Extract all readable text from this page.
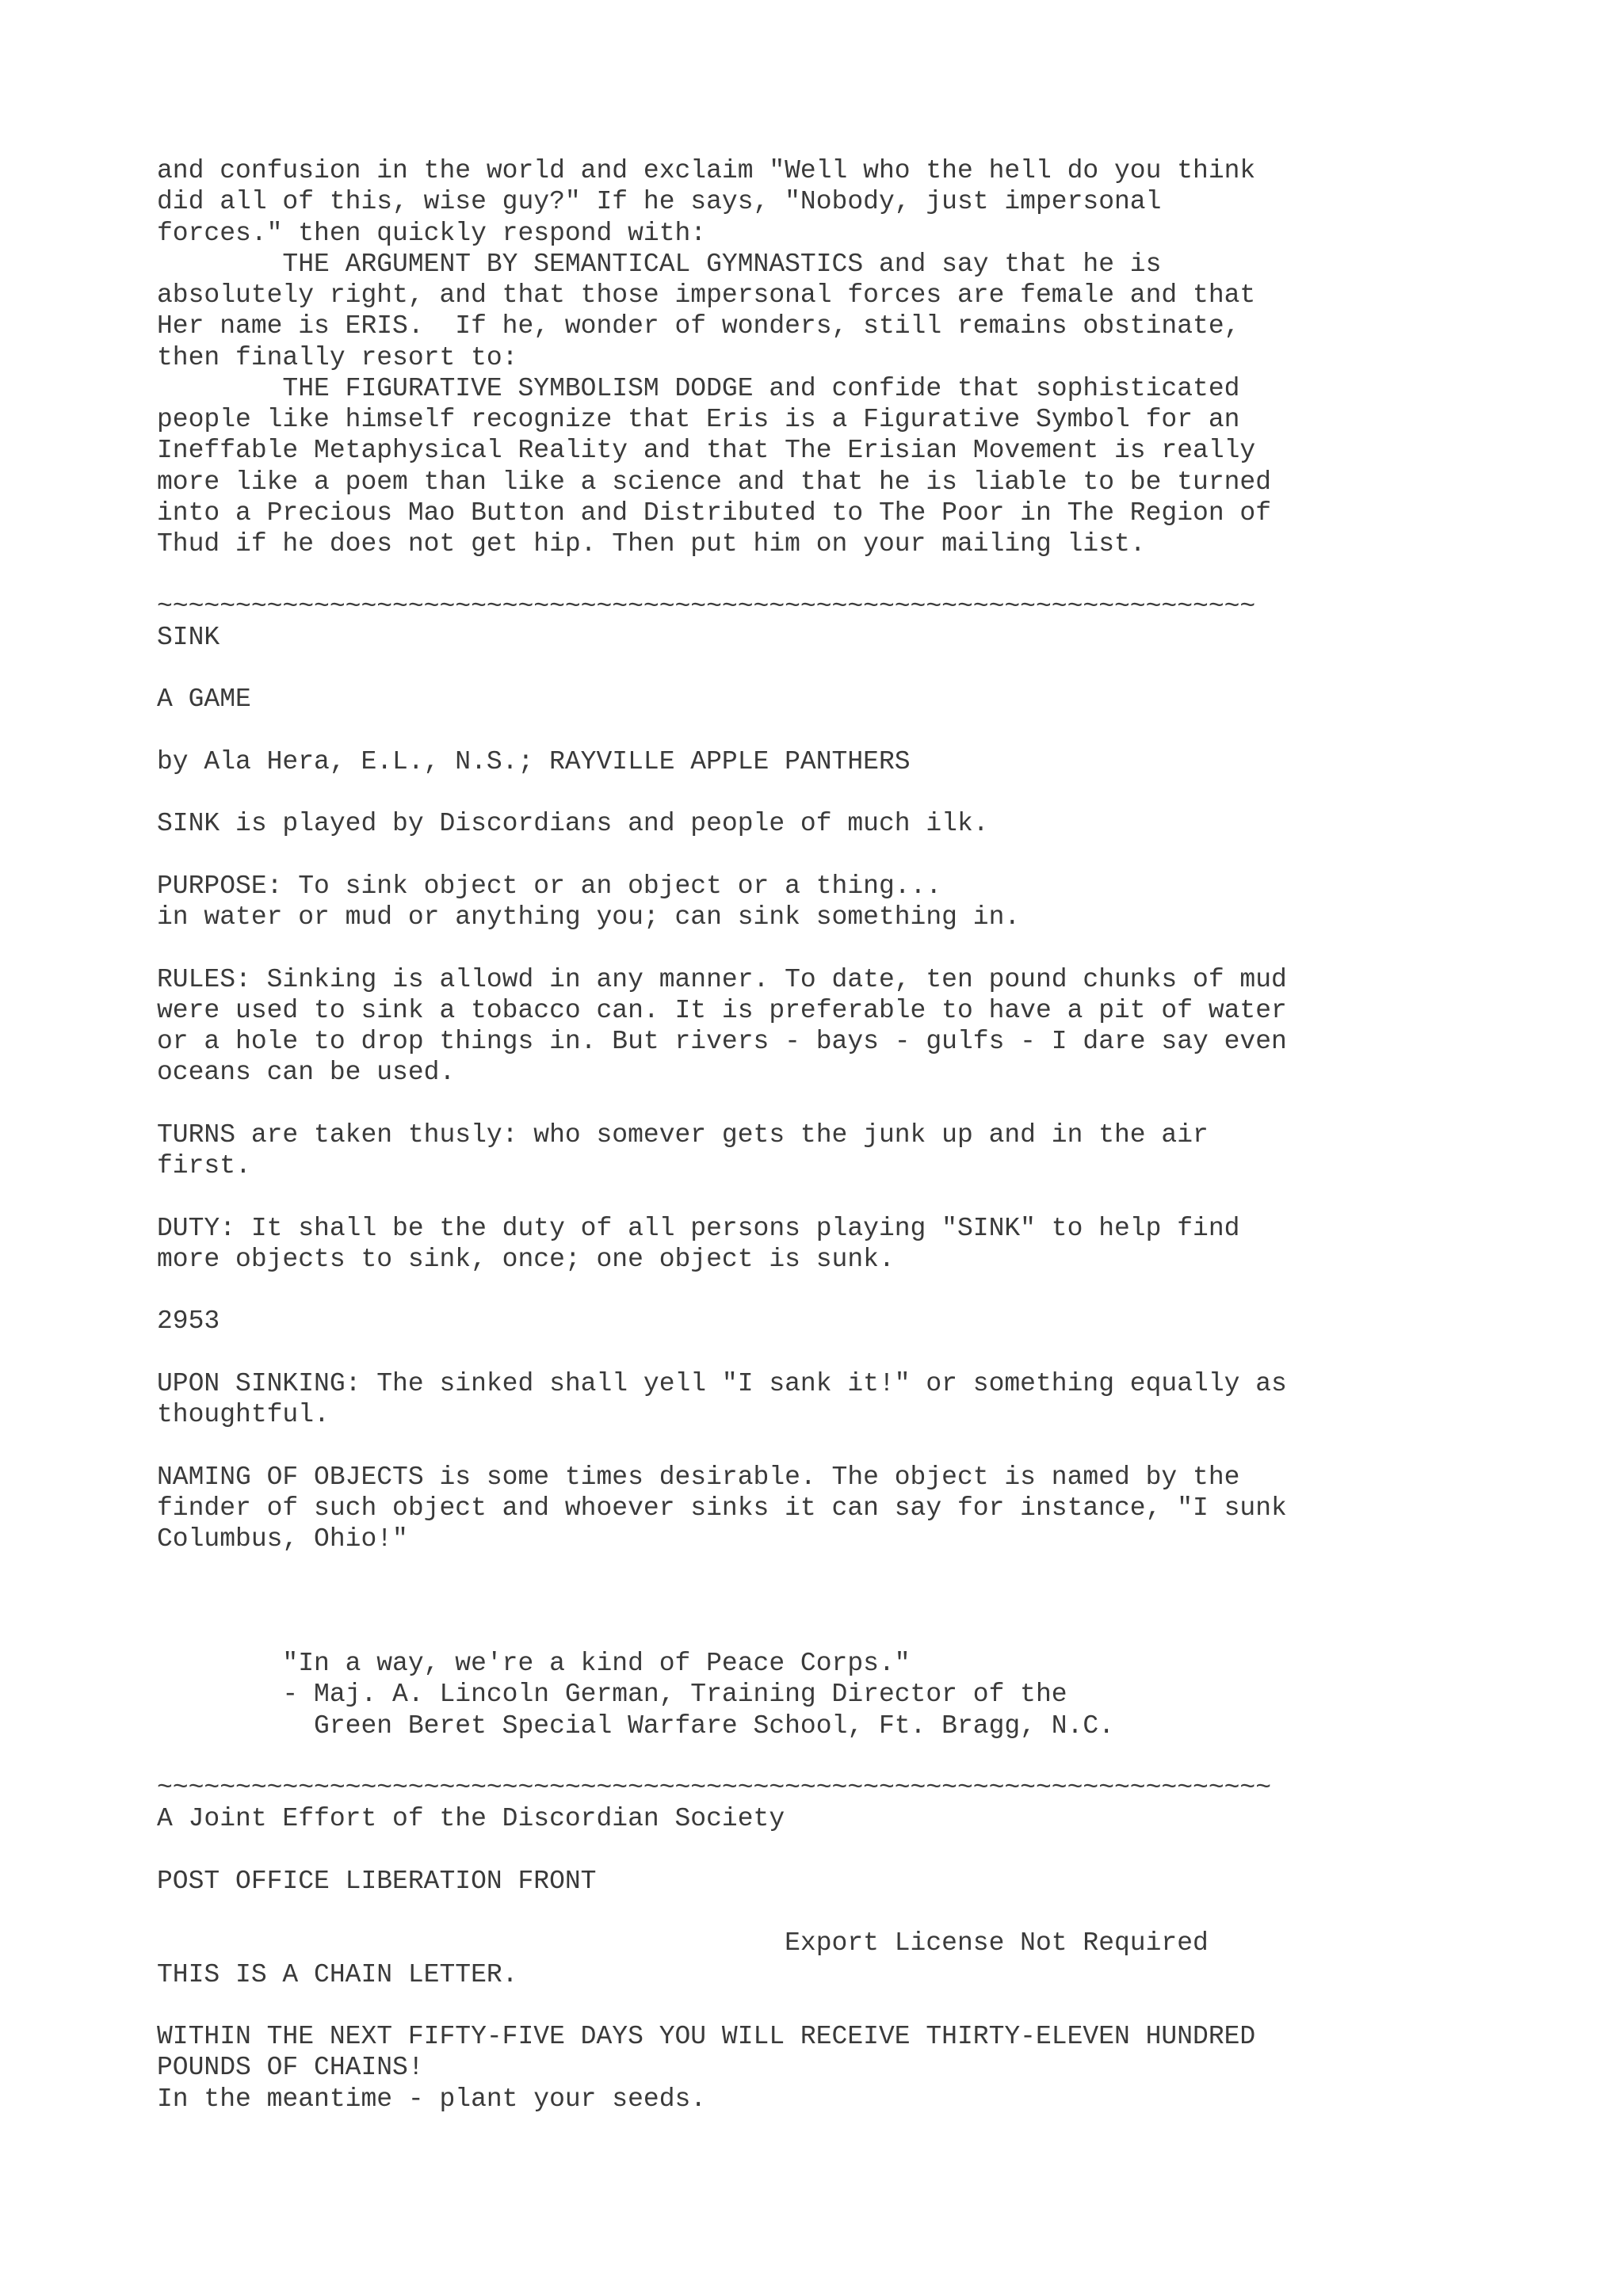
and confusion in the world and exclaim "Well who the hell do you think
did all of this, wise guy?" If he says, "Nobody, just impersonal
forces." then quickly respond with:
THE ARGUMENT BY SEMANTICAL GYMNASTICS and say that he is
absolutely right, and that those impersonal forces are female and that
Her name is ERIS.  If he, wonder of wonders, still remains obstinate,
then finally resort to:
THE FIGURATIVE SYMBOLISM DODGE and confide that sophisticated
people like himself recognize that Eris is a Figurative Symbol for an
Ineffable Metaphysical Reality and that The Erisian Movement is really
more like a poem than like a science and that he is liable to be turned
into a Precious Mao Button and Distributed to The Poor in The Region of
Thud if he does not get hip. Then put him on your mailing list.
~~~~~~~~~~~~~~~~~~~~~~~~~~~~~~~~~~~~~~~~~~~~~~~~~~~~~~~~~~~~~~~~~~~~~~
SINK
A GAME
by Ala Hera, E.L., N.S.; RAYVILLE APPLE PANTHERS
SINK is played by Discordians and people of much ilk.
PURPOSE: To sink object or an object or a thing...
in water or mud or anything you; can sink something in.
RULES: Sinking is allowd in any manner. To date, ten pound chunks of mud
were used to sink a tobacco can. It is preferable to have a pit of water
or a hole to drop things in. But rivers - bays - gulfs - I dare say even
oceans can be used.
TURNS are taken thusly: who somever gets the junk up and in the air
first.
DUTY: It shall be the duty of all persons playing "SINK" to help find
more objects to sink, once; one object is sunk.
2953
UPON SINKING: The sinked shall yell "I sank it!" or something equally as
thoughtful.
NAMING OF OBJECTS is some times desirable. The object is named by the
finder of such object and whoever sinks it can say for instance, "I sunk
Columbus, Ohio!"
"In a way, we're a kind of Peace Corps."
- Maj. A. Lincoln German, Training Director of the
Green Beret Special Warfare School, Ft. Bragg, N.C.
~~~~~~~~~~~~~~~~~~~~~~~~~~~~~~~~~~~~~~~~~~~~~~~~~~~~~~~~~~~~~~~~~~~~~~~
A Joint Effort of the Discordian Society
POST OFFICE LIBERATION FRONT
Export License Not Required
THIS IS A CHAIN LETTER.
WITHIN THE NEXT FIFTY-FIVE DAYS YOU WILL RECEIVE THIRTY-ELEVEN HUNDRED
POUNDS OF CHAINS!
In the meantime - plant your seeds.
